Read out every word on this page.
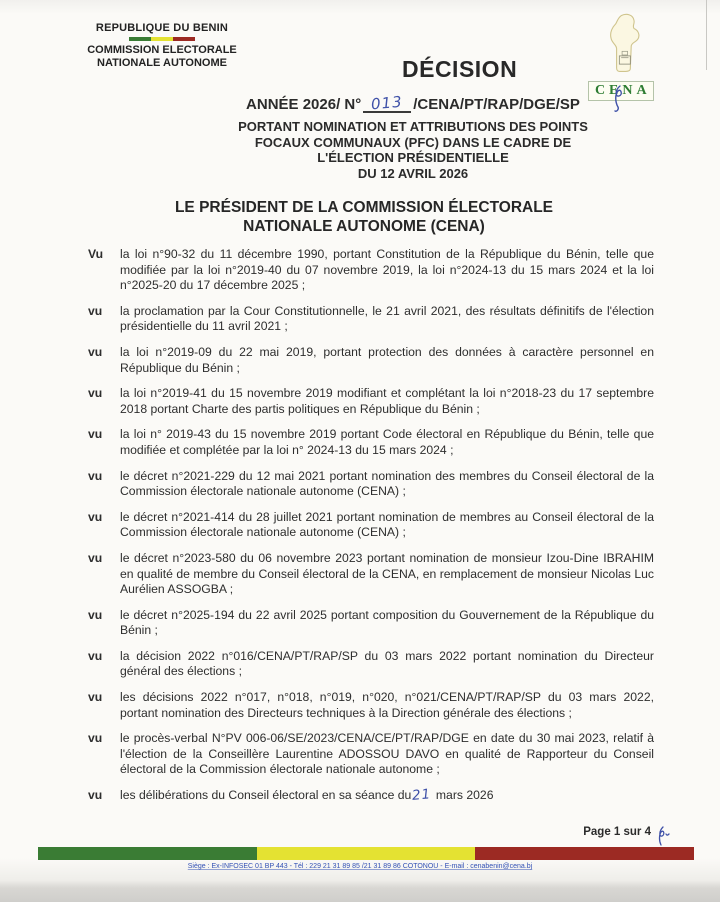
REPUBLIQUE DU BENIN
COMMISSION ELECTORALE
NATIONALE AUTONOME	DÉCISION
CENA
ANNÉE 2026/ N° 013 /CENA/PT/RAP/DGE/SP
PORTANT NOMINATION ET ATTRIBUTIONS DES POINTS
FOCAUX COMMUNAUX (PFC) DANS LE CADRE DE
L'ÉLECTION PRÉSIDENTIELLE
DU 12 AVRIL 2026
LE PRÉSIDENT DE LA COMMISSION ÉLECTORALE
NATIONALE AUTONOME (CENA)
Vu	la loi n°90-32 du 11 décembre 1990, portant Constitution de la République du Bénin, telle que modifiée par la loi n°2019-40 du 07 novembre 2019, la loi n°2024-13 du 15 mars 2024 et la loi n°2025-20 du 17 décembre 2025 ;
vu	la proclamation par la Cour Constitutionnelle, le 21 avril 2021, des résultats définitifs de l'élection présidentielle du 11 avril 2021 ;
vu	la loi n°2019-09 du 22 mai 2019, portant protection des données à caractère personnel en République du Bénin ;
vu	la loi n°2019-41 du 15 novembre 2019 modifiant et complétant la loi n°2018-23 du 17 septembre 2018 portant Charte des partis politiques en République du Bénin ;
vu	la loi n° 2019-43 du 15 novembre 2019 portant Code électoral en République du Bénin, telle que modifiée et complétée par la loi n° 2024-13 du 15 mars 2024 ;
vu	le décret n°2021-229 du 12 mai 2021 portant nomination des membres du Conseil électoral de la Commission électorale nationale autonome (CENA) ;
vu	le décret n°2021-414 du 28 juillet 2021 portant nomination de membres au Conseil électoral de la Commission électorale nationale autonome (CENA) ;
vu	le décret n°2023-580 du 06 novembre 2023 portant nomination de monsieur Izou-Dine IBRAHIM en qualité de membre du Conseil électoral de la CENA, en remplacement de monsieur Nicolas Luc Aurélien ASSOGBA ;
vu	le décret n°2025-194 du 22 avril 2025 portant composition du Gouvernement de la République du Bénin ;
vu	la décision 2022 n°016/CENA/PT/RAP/SP du 03 mars 2022 portant nomination du Directeur général des élections ;
vu	les décisions 2022 n°017, n°018, n°019, n°020, n°021/CENA/PT/RAP/SP du 03 mars 2022, portant nomination des Directeurs techniques à la Direction générale des élections ;
vu	le procès-verbal N°PV 006-06/SE/2023/CENA/CE/PT/RAP/DGE en date du 30 mai 2023, relatif à l'élection de la Conseillère Laurentine ADOSSOU DAVO en qualité de Rapporteur du Conseil électoral de la Commission électorale nationale autonome ;
vu	les délibérations du Conseil électoral en sa séance du21 mars 2026
Page 1 sur 4
Siège : Ex-INFOSEC 01 BP 443 - Tél : 229 21 31 89 85 /21 31 89 86 COTONOU - E-mail : cenabenin@cena.bj
